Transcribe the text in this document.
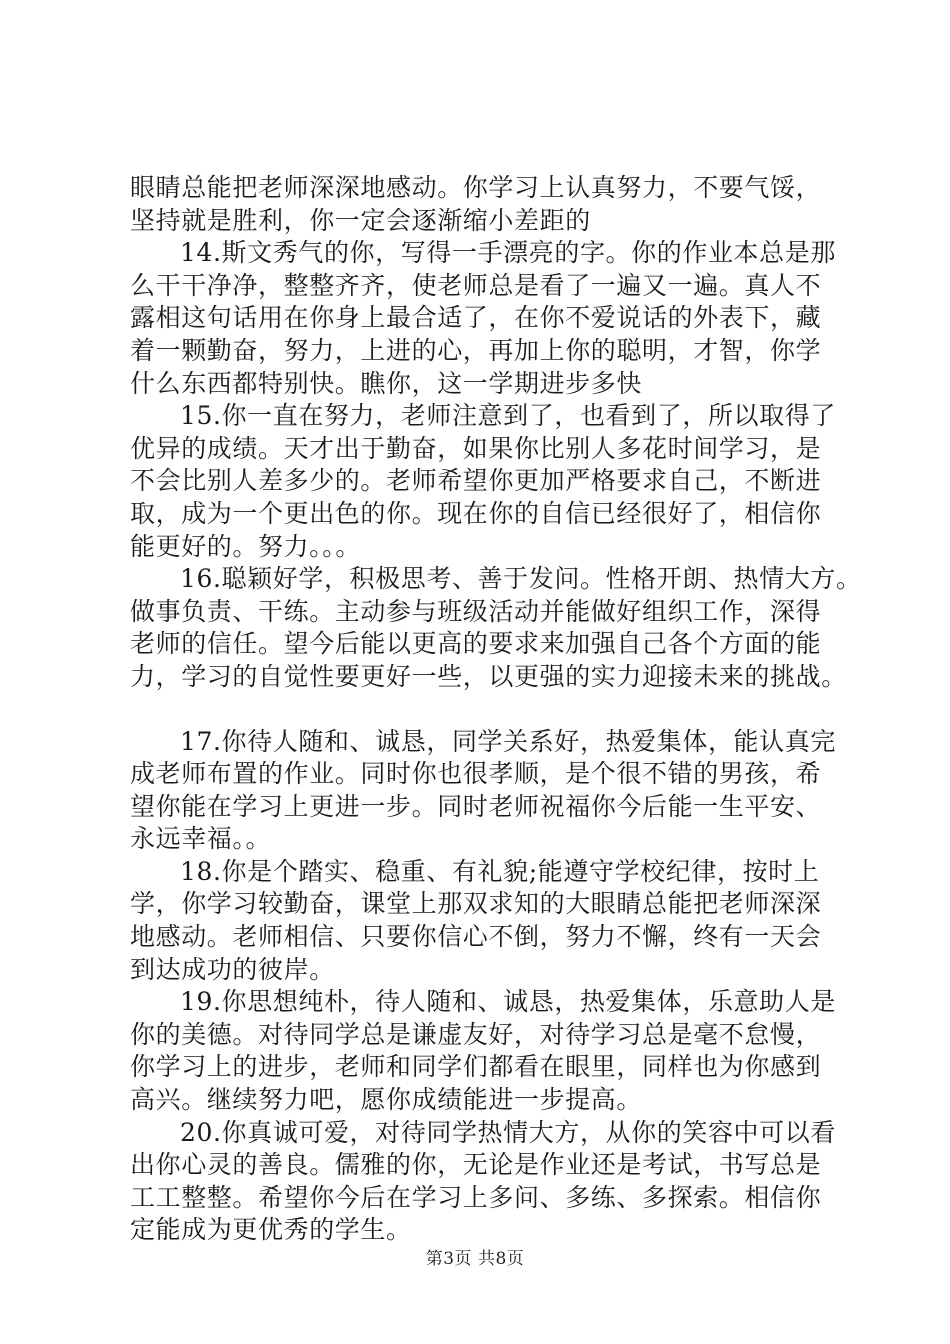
眼睛总能把老师深深地感动。你学习上认真努力，不要气馁，
坚持就是胜利，你一定会逐渐缩小差距的

14.斯文秀气的你，写得一手漂亮的字。你的作业本总是那
么干干净净，整整齐齐，使老师总是看了一遍又一遍。真人不
露相这句话用在你身上最合适了，在你不爱说话的外表下，藏
着一颗勤奋，努力，上进的心，再加上你的聪明，才智，你学
什么东西都特别快。瞧你，这一学期进步多快

15.你一直在努力，老师注意到了，也看到了，所以取得了
优异的成绩。天才出于勤奋，如果你比别人多花时间学习，是
不会比别人差多少的。老师希望你更加严格要求自己，不断进
取，成为一个更出色的你。现在你的自信已经很好了，相信你
能更好的。努力。。。

16.聪颖好学，积极思考、善于发问。性格开朗、热情大方。
做事负责、干练。主动参与班级活动并能做好组织工作，深得
老师的信任。望今后能以更高的要求来加强自己各个方面的能
力，学习的自觉性要更好一些，以更强的实力迎接未来的挑战。

17.你待人随和、诚恳，同学关系好，热爱集体，能认真完
成老师布置的作业。同时你也很孝顺，是个很不错的男孩，希
望你能在学习上更进一步。同时老师祝福你今后能一生平安、
永远幸福。。

18.你是个踏实、稳重、有礼貌;能遵守学校纪律，按时上
学，你学习较勤奋，课堂上那双求知的大眼睛总能把老师深深
地感动。老师相信、只要你信心不倒，努力不懈，终有一天会
到达成功的彼岸。

19.你思想纯朴，待人随和、诚恳，热爱集体，乐意助人是
你的美德。对待同学总是谦虚友好，对待学习总是毫不怠慢，
你学习上的进步，老师和同学们都看在眼里，同样也为你感到
高兴。继续努力吧，愿你成绩能进一步提高。

20.你真诚可爱，对待同学热情大方，从你的笑容中可以看
出你心灵的善良。儒雅的你，无论是作业还是考试，书写总是
工工整整。希望你今后在学习上多问、多练、多探索。相信你
定能成为更优秀的学生。

第3页 共8页
